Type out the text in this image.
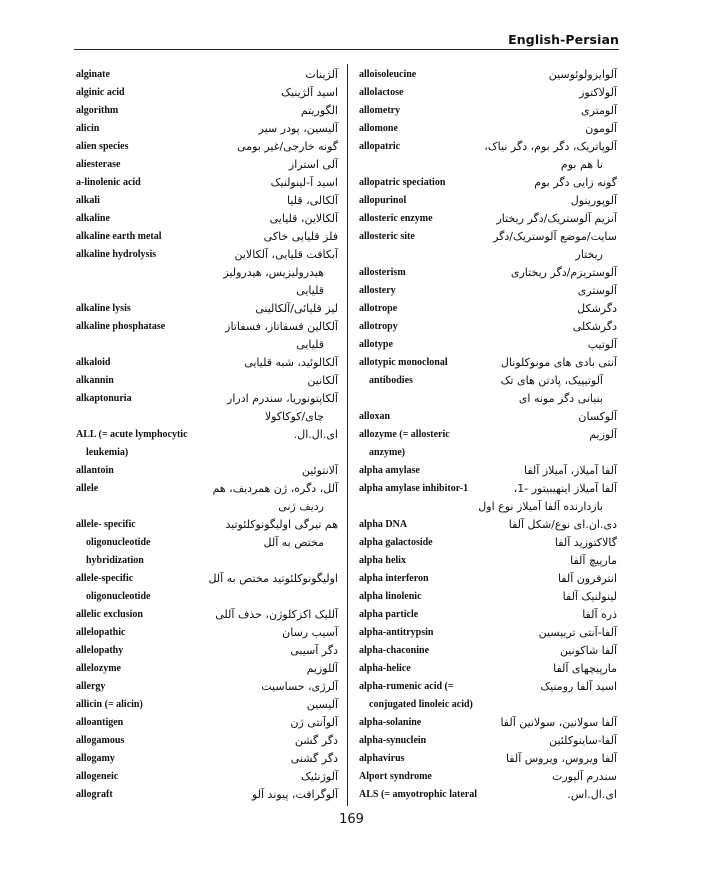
English-Persian
alginate	آلژینات
alginic acid	اسید آلژینیک
algorithm	الگوریتم
alicin	آلیسین، پودر سیر
alien species	گونه خارجی/غیر بومی
aliesterase	آلی استراز
a-linolenic acid	اسید آ-لینولنیک
alkali	آلکالی، قلیا
alkaline	آلکالاین، قلیایی
alkaline earth metal	فلز قلیایی خاکی
alkaline hydrolysis	آبکافت قلیایی، آلکالاین
هیدرولیزیس، هیدرولیز
قلیایی
alkaline lysis	لیز قلیائی/آلکالینی
alkaline phosphatase	آلکالین فسفاتاز، فسفاتاز
قلیایی
alkaloid	آلکالوئید، شبه قلیایی
alkannin	آلکانین
alkaptonuria	آلکاپتونوریا، سندرم ادرار
چای/کوکاکولا
ALL (= acute lymphocytic	ای.ال.ال.
leukemia)
allantoin	آلانتوئین
allele	آلل، دگره، ژن همردیف، هم
ردیف ژنی
allele- specific	هم تیرگی اولیگونوکلئوتید
oligonucleotide	مختص به آلل
hybridization
allele-specific	اولیگونوکلئوتید مختص به آلل
oligonucleotide
allelic exclusion	آللیک اکزکلوژن، حذف آللی
allelopathic	آسیب رسان
allelopathy	دگر آسیبی
allelozyme	آللوزیم
allergy	آلرژی، حساسیت
allicin (= alicin)	آلیسین
alloantigen	آلوآنتی ژن
allogamous	دگر گشن
allogamy	دگر گشنی
allogeneic	آلوژنئیک
allograft	آلوگرافت، پیوند آلو
alloisoleucine	آلوایزولوئوسین
allolactose	آلولاکتوز
allometry	آلومتری
allomone	آلومون
allopatric	آلوپاتریک، دگر بوم، دگر نیاک،
نا هم بوم
allopatric speciation	گونه زایی دگر بوم
allopurinol	آلوپورینول
allosteric enzyme	آنزیم آلوستریک/دگر ریختار
allosteric site	سایت/موضع آلوستریک/دگر
ریختار
allosterism	آلوستریزم/دگر ریختاری
allostery	آلوستری
allotrope	دگرشکل
allotropy	دگرشکلی
allotype	آلوتیپ
allotypic monoclonal	آنتی بادی های مونوکلونال
antibodies	آلوتیپیک، پادتن های تک
بنیانی دگر مونه ای
alloxan	آلوکسان
allozyme (= allosteric	آلوزیم
anzyme)
alpha amylase	آلفا آمیلاز، آمیلاز آلفا
alpha amylase inhibitor-1	آلفا آمیلاز اینهیبیتور -1،
بازدارنده آلفا آمیلاز نوع اول
alpha DNA	دی.ان.ای نوع/شکل آلفا
alpha galactoside	گالاکتوزید آلفا
alpha helix	مارپیچ آلفا
alpha interferon	انترفرون آلفا
alpha linolenic	لینولنیک آلفا
alpha particle	ذره آلفا
alpha-antitrypsin	آلفا-آنتی تریپسین
alpha-chaconine	آلفا شاکونین
alpha-helice	مارپیچهای آلفا
alpha-rumenic acid (=	اسید آلفا رومنیک
conjugated linoleic acid)
alpha-solanine	آلفا سولانین، سولانین آلفا
alpha-synuclein	آلفا-ساینوکلئین
alphavirus	آلفا ویروس، ویروس آلفا
Alport syndrome	سندرم آلپورت
ALS (= amyotrophic lateral	ای.ال.اس.
169
